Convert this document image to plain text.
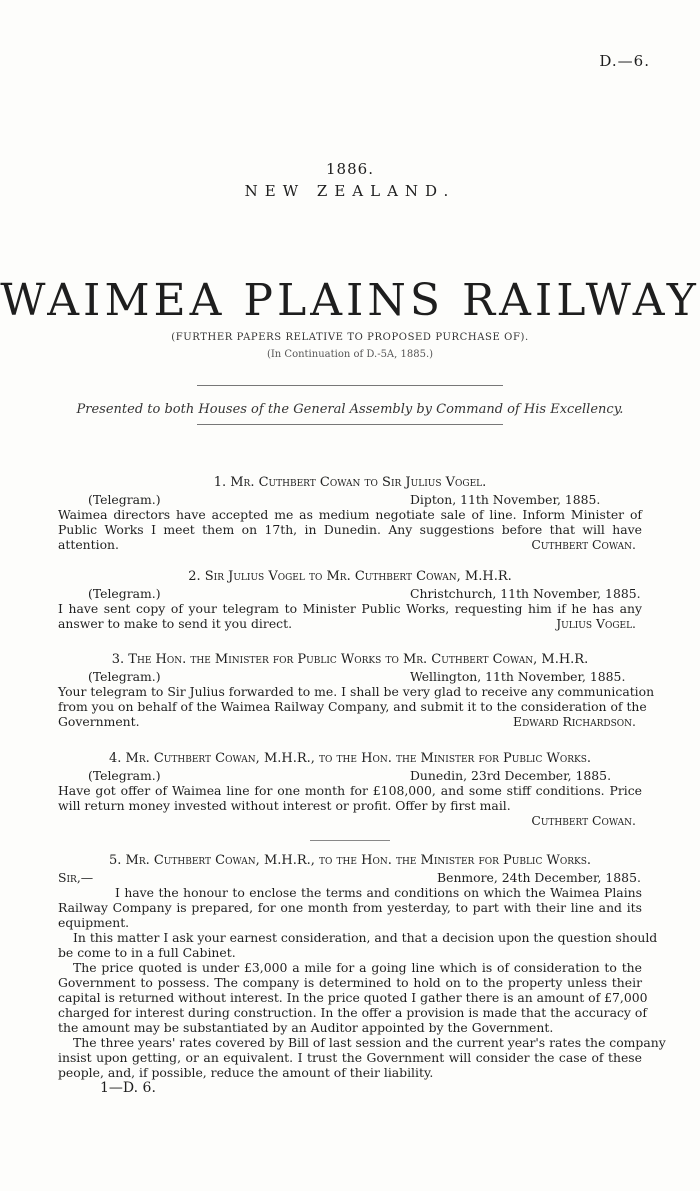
D.—6.
1886.
NEW ZEALAND.
WAIMEA PLAINS RAILWAY
(FURTHER PAPERS RELATIVE TO PROPOSED PURCHASE OF).
(In Continuation of D.-5A, 1885.)
Presented to both Houses of the General Assembly by Command of His Excellency.
1. Mr. Cuthbert Cowan to Sir Julius Vogel.
(Telegram.)	Dipton, 11th November, 1885.
Waimea directors have accepted me as medium negotiate sale of line. Inform Minister of
Public Works I meet them on 17th, in Dunedin. Any suggestions before that will have
attention.	Cuthbert Cowan.
2. Sir Julius Vogel to Mr. Cuthbert Cowan, M.H.R.
(Telegram.)	Christchurch, 11th November, 1885.
I have sent copy of your telegram to Minister Public Works, requesting him if he has any
answer to make to send it you direct.	Julius Vogel.
3. The Hon. the Minister for Public Works to Mr. Cuthbert Cowan, M.H.R.
(Telegram.)	Wellington, 11th November, 1885.
Your telegram to Sir Julius forwarded to me. I shall be very glad to receive any communication
from you on behalf of the Waimea Railway Company, and submit it to the consideration of the
Government.	Edward Richardson.
4. Mr. Cuthbert Cowan, M.H.R., to the Hon. the Minister for Public Works.
(Telegram.)	Dunedin, 23rd December, 1885.
Have got offer of Waimea line for one month for £108,000, and some stiff conditions. Price
will return money invested without interest or profit. Offer by first mail.
Cuthbert Cowan.
5. Mr. Cuthbert Cowan, M.H.R., to the Hon. the Minister for Public Works.
Sir,—	Benmore, 24th December, 1885.
I have the honour to enclose the terms and conditions on which the Waimea Plains
Railway Company is prepared, for one month from yesterday, to part with their line and its
equipment.
In this matter I ask your earnest consideration, and that a decision upon the question should
be come to in a full Cabinet.
The price quoted is under £3,000 a mile for a going line which is of consideration to the
Government to possess. The company is determined to hold on to the property unless their
capital is returned without interest. In the price quoted I gather there is an amount of £7,000
charged for interest during construction. In the offer a provision is made that the accuracy of
the amount may be substantiated by an Auditor appointed by the Government.
The three years' rates covered by Bill of last session and the current year's rates the company
insist upon getting, or an equivalent. I trust the Government will consider the case of these
people, and, if possible, reduce the amount of their liability.
1—D. 6.
